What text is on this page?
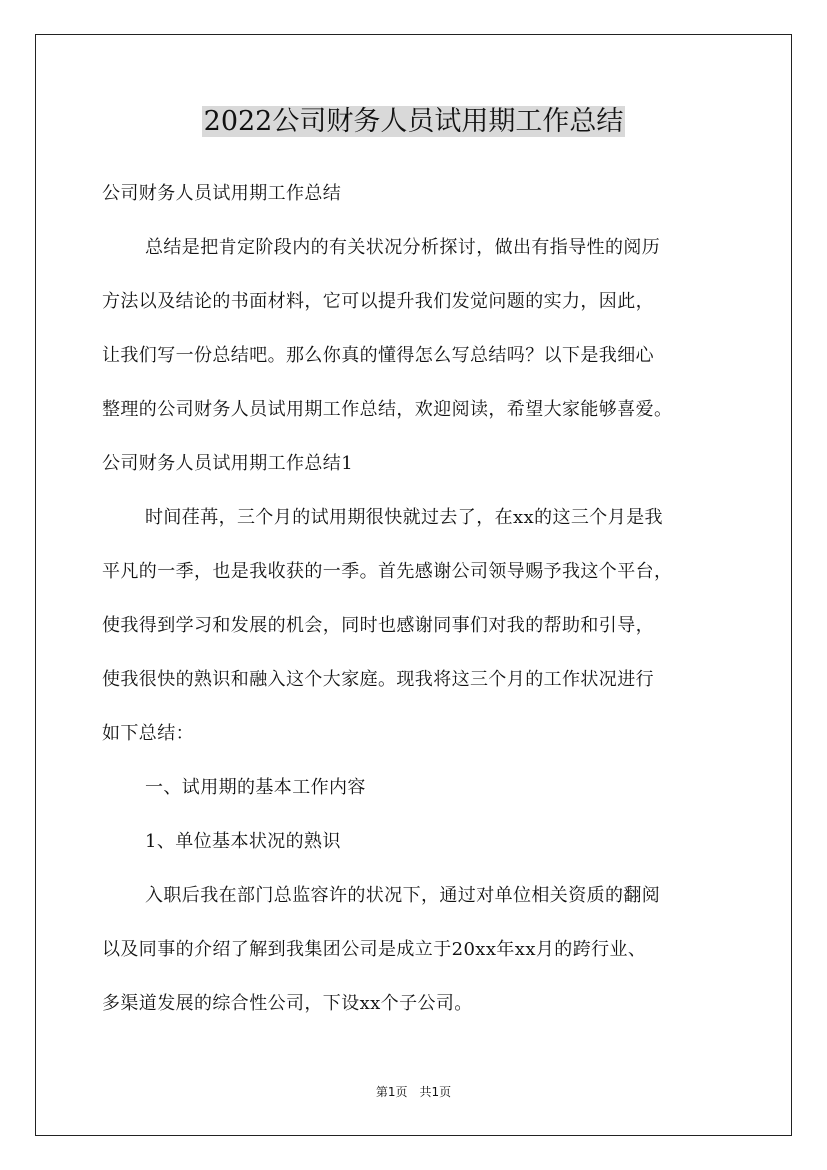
2022公司财务人员试用期工作总结
公司财务人员试用期工作总结
总结是把肯定阶段内的有关状况分析探讨，做出有指导性的阅历
方法以及结论的书面材料，它可以提升我们发觉问题的实力，因此，
让我们写一份总结吧。那么你真的懂得怎么写总结吗？以下是我细心
整理的公司财务人员试用期工作总结，欢迎阅读，希望大家能够喜爱。
公司财务人员试用期工作总结1
时间荏苒，三个月的试用期很快就过去了，在xx的这三个月是我
平凡的一季，也是我收获的一季。首先感谢公司领导赐予我这个平台，
使我得到学习和发展的机会，同时也感谢同事们对我的帮助和引导，
使我很快的熟识和融入这个大家庭。现我将这三个月的工作状况进行
如下总结：
一、试用期的基本工作内容
1、单位基本状况的熟识
入职后我在部门总监容许的状况下，通过对单位相关资质的翻阅
以及同事的介绍了解到我集团公司是成立于20xx年xx月的跨行业、
多渠道发展的综合性公司，下设xx个子公司。
第1页　共1页
